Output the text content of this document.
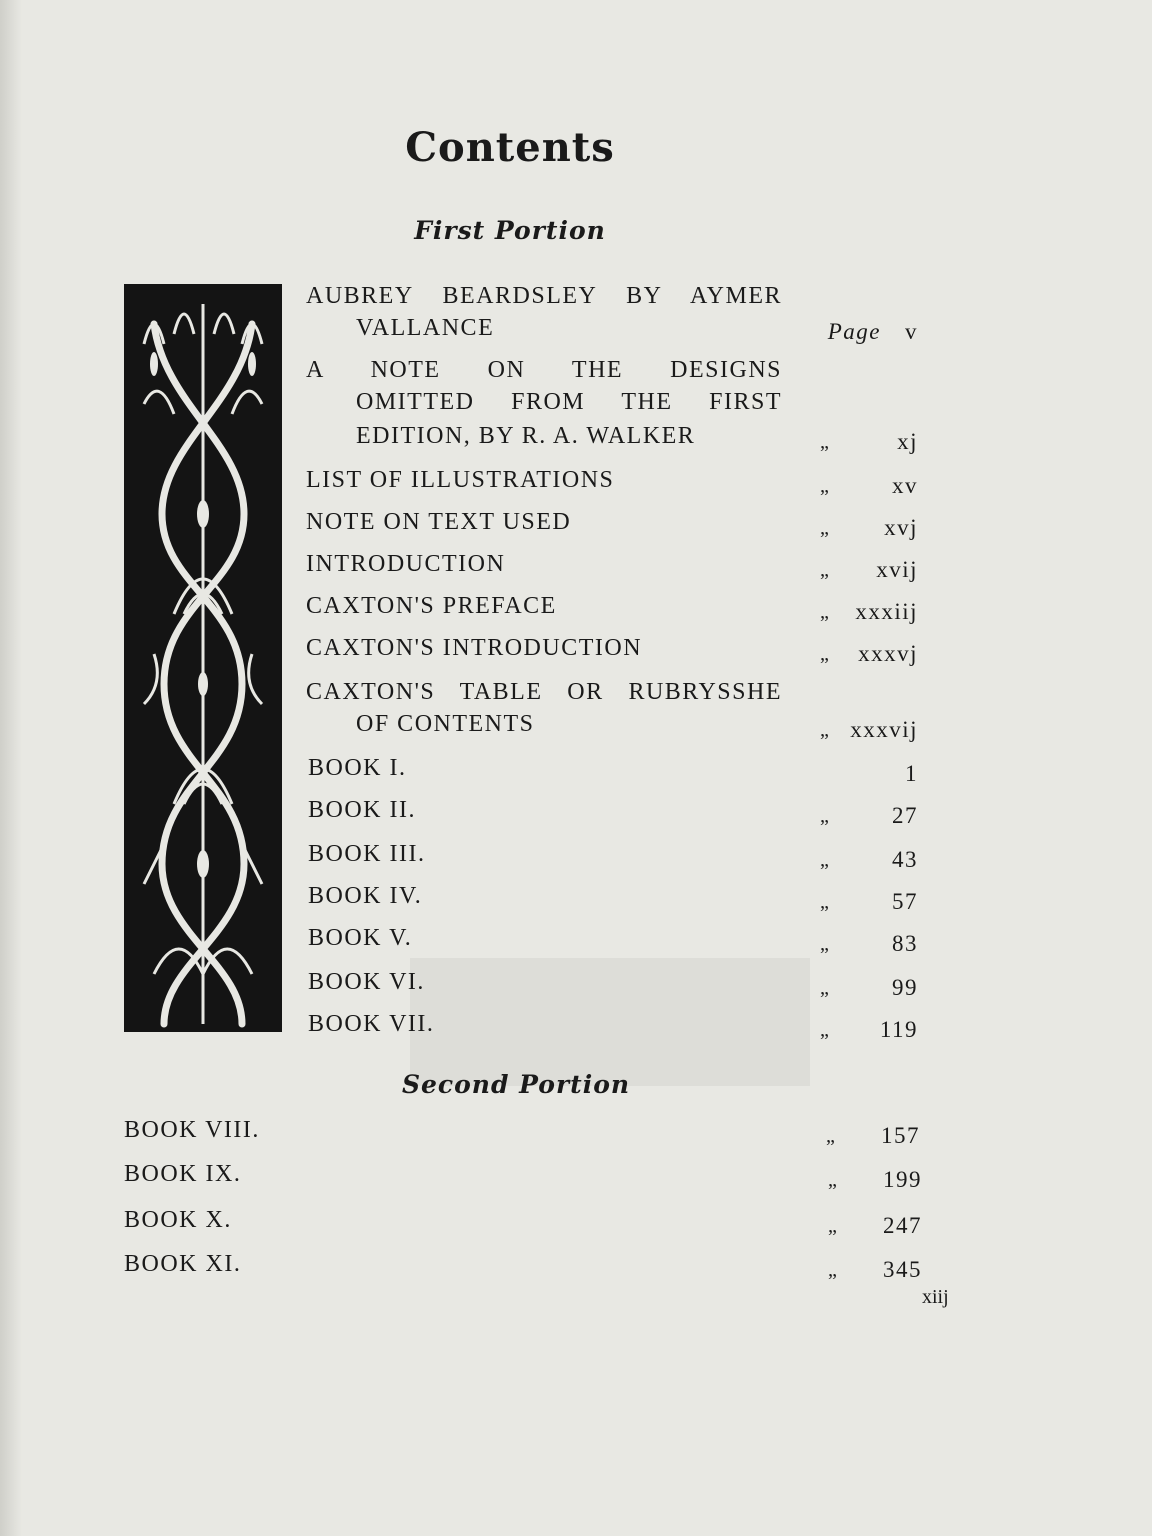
Contents
First Portion
AUBREY BEARDSLEY BY AYMER
VALLANCE	Page v
A NOTE ON THE DESIGNS
OMITTED FROM THE FIRST
EDITION, BY R. A. WALKER	„	xj
LIST OF ILLUSTRATIONS	„	xv
NOTE ON TEXT USED	„	xvj
INTRODUCTION	„	xvij
CAXTON'S PREFACE	„	xxxiij
CAXTON'S INTRODUCTION	„	xxxvj
CAXTON'S TABLE OR RUBRYSSHE
OF CONTENTS	„ xxxvij
BOOK I.	1
BOOK II.	„	27
BOOK III.	„	43
BOOK IV.	„	57
BOOK V.	„	83
BOOK VI.	„	99
BOOK VII.	„	119
Second Portion
BOOK VIII.	„	157
BOOK IX.	„	199
BOOK X.	„	247
BOOK XI.	„	345
xiij
